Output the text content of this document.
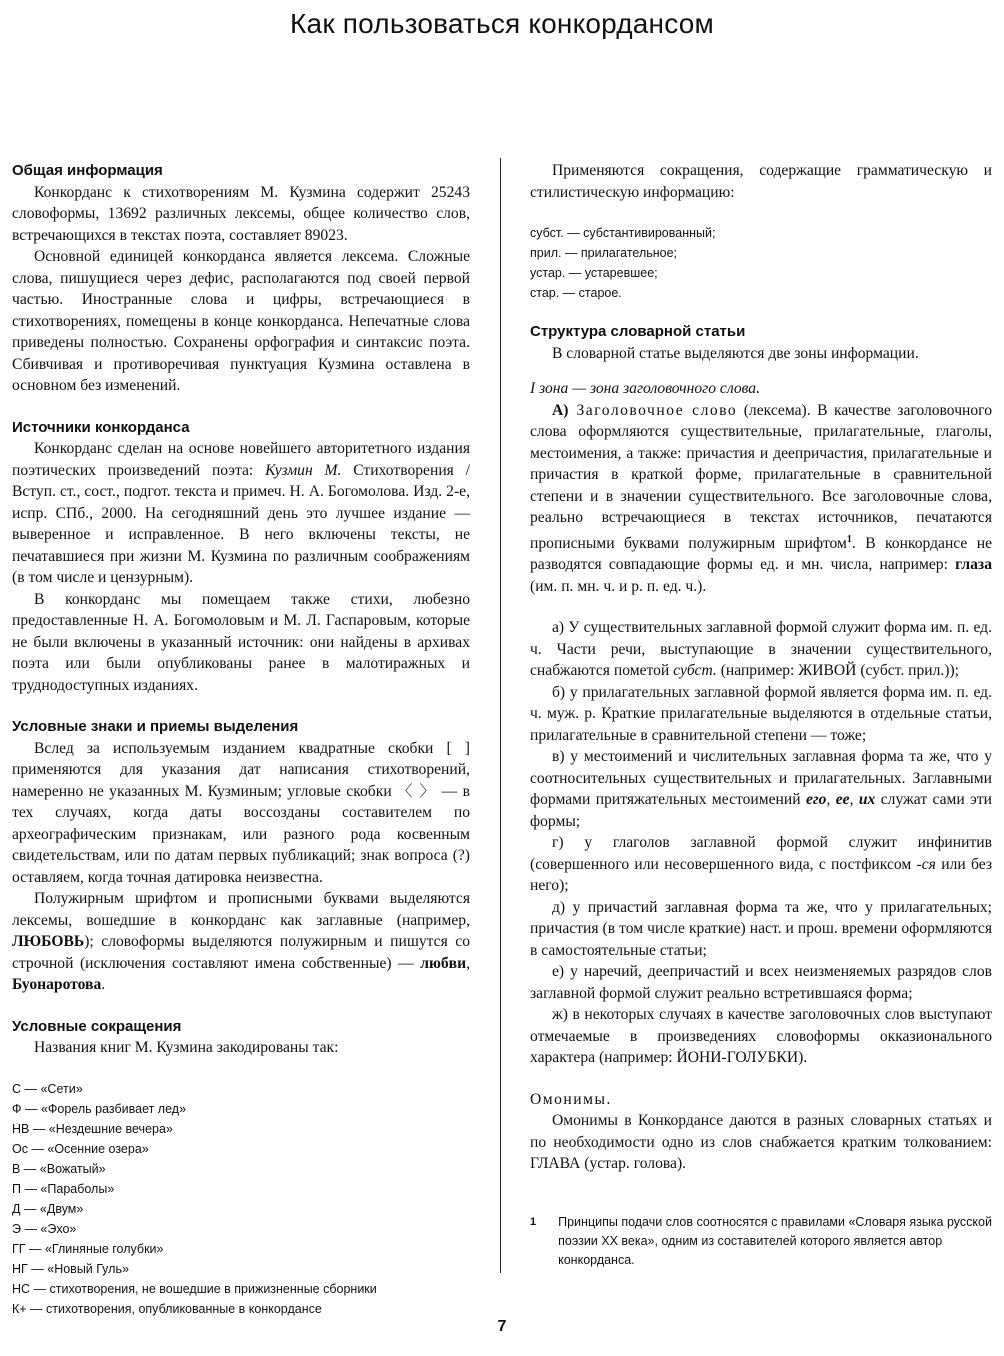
Как пользоваться конкордансом
Общая информация

Конкорданс к стихотворениям М. Кузмина содержит 25243 словоформы, 13692 различных лексемы, общее количество слов, встречающихся в текстах поэта, составляет 89023.

Основной единицей конкорданса является лексема. Сложные слова, пишущиеся через дефис, располагаются под своей первой частью. Иностранные слова и цифры, встречающиеся в стихотворениях, помещены в конце конкорданса. Непечатные слова приведены полностью. Сохранены орфография и синтаксис поэта. Сбивчивая и противоречивая пунктуация Кузмина оставлена в основном без изменений.

Источники конкорданса

Конкорданс сделан на основе новейшего авторитетного издания поэтических произведений поэта: Кузмин М. Стихотворения / Вступ. ст., сост., подгот. текста и примеч. Н. А. Богомолова. Изд. 2-е, испр. СПб., 2000. На сегодняшний день это лучшее издание — выверенное и исправленное. В него включены тексты, не печатавшиеся при жизни М. Кузмина по различным соображениям (в том числе и цензурным).

В конкорданс мы помещаем также стихи, любезно предоставленные Н. А. Богомоловым и М. Л. Гаспаровым, которые не были включены в указанный источник: они найдены в архивах поэта или были опубликованы ранее в малотиражных и труднодоступных изданиях.

Условные знаки и приемы выделения

Вслед за используемым изданием квадратные скобки [ ] применяются для указания дат написания стихотворений, намеренно не указанных М. Кузминым; угловые скобки 〈 〉 — в тех случаях, когда даты воссозданы составителем по археографическим признакам, или разного рода косвенным свидетельствам, или по датам первых публикаций; знак вопроса (?) оставляем, когда точная датировка неизвестна.

Полужирным шрифтом и прописными буквами выделяются лексемы, вошедшие в конкорданс как заглавные (например, ЛЮБОВЬ); словоформы выделяются полужирным и пишутся со строчной (исключения составляют имена собственные) — любви, Буонаротова.

Условные сокращения

Названия книг М. Кузмина закодированы так:

С — «Сети»
Ф — «Форель разбивает лед»
НВ — «Нездешние вечера»
Ос — «Осенние озера»
В — «Вожатый»
П — «Параболы»
Д — «Двум»
Э — «Эхо»
ГГ — «Глиняные голубки»
НГ — «Новый Гуль»
НС — стихотворения, не вошедшие в прижизненные сборники
К+ — стихотворения, опубликованные в конкордансе

Применяются сокращения, содержащие грамматическую и стилистическую информацию:

субст. — субстантивированный;
прил. — прилагательное;
устар. — устаревшее;
стар. — старое.
Структура словарной статьи

В словарной статье выделяются две зоны информации.

I зона — зона заголовочного слова.

А) Заголовочное слово (лексема). В качестве заголовочного слова оформляются существительные, прилагательные, глаголы, местоимения, а также: причастия и деепричастия, прилагательные и причастия в краткой форме, прилагательные в сравнительной степени и в значении существительного. Все заголовочные слова, реально встречающиеся в текстах источников, печатаются прописными буквами полужирным шрифтом$^1$. В конкордансе не разводятся совпадающие формы ед. и мн. числа, например: глаза (им. п. мн. ч. и р. п. ед. ч.).

а) У существительных заглавной формой служит форма им. п. ед. ч. Части речи, выступающие в значении существительного, снабжаются пометой субст. (например: ЖИВОЙ (субст. прил.));

б) у прилагательных заглавной формой является форма им. п. ед. ч. муж. р. Краткие прилагательные выделяются в отдельные статьи, прилагательные в сравнительной степени — тоже;

в) у местоимений и числительных заглавная форма та же, что у соотносительных существительных и прилагательных. Заглавными формами притяжательных местоимений его, ее, их служат сами эти формы;

г) у глаголов заглавной формой служит инфинитив (совершенного или несовершенного вида, с постфиксом -ся или без него);

д) у причастий заглавная форма та же, что у прилагательных; причастия (в том числе краткие) наст. и прош. времени оформляются в самостоятельные статьи;

е) у наречий, деепричастий и всех неизменяемых разрядов слов заглавной формой служит реально встретившаяся форма;

ж) в некоторых случаях в качестве заголовочных слов выступают отмечаемые в произведениях словоформы окказионального характера (например: ЙОНИ-ГОЛУБКИ).

Омонимы.

Омонимы в Конкордансе даются в разных словарных статьях и по необходимости одно из слов снабжается кратким толкованием: ГЛАВА (устар. голова).

1 Принципы подачи слов соотносятся с правилами «Словаря языка русской поэзии XX века», одним из составителей которого является автор конкорданса.
7
